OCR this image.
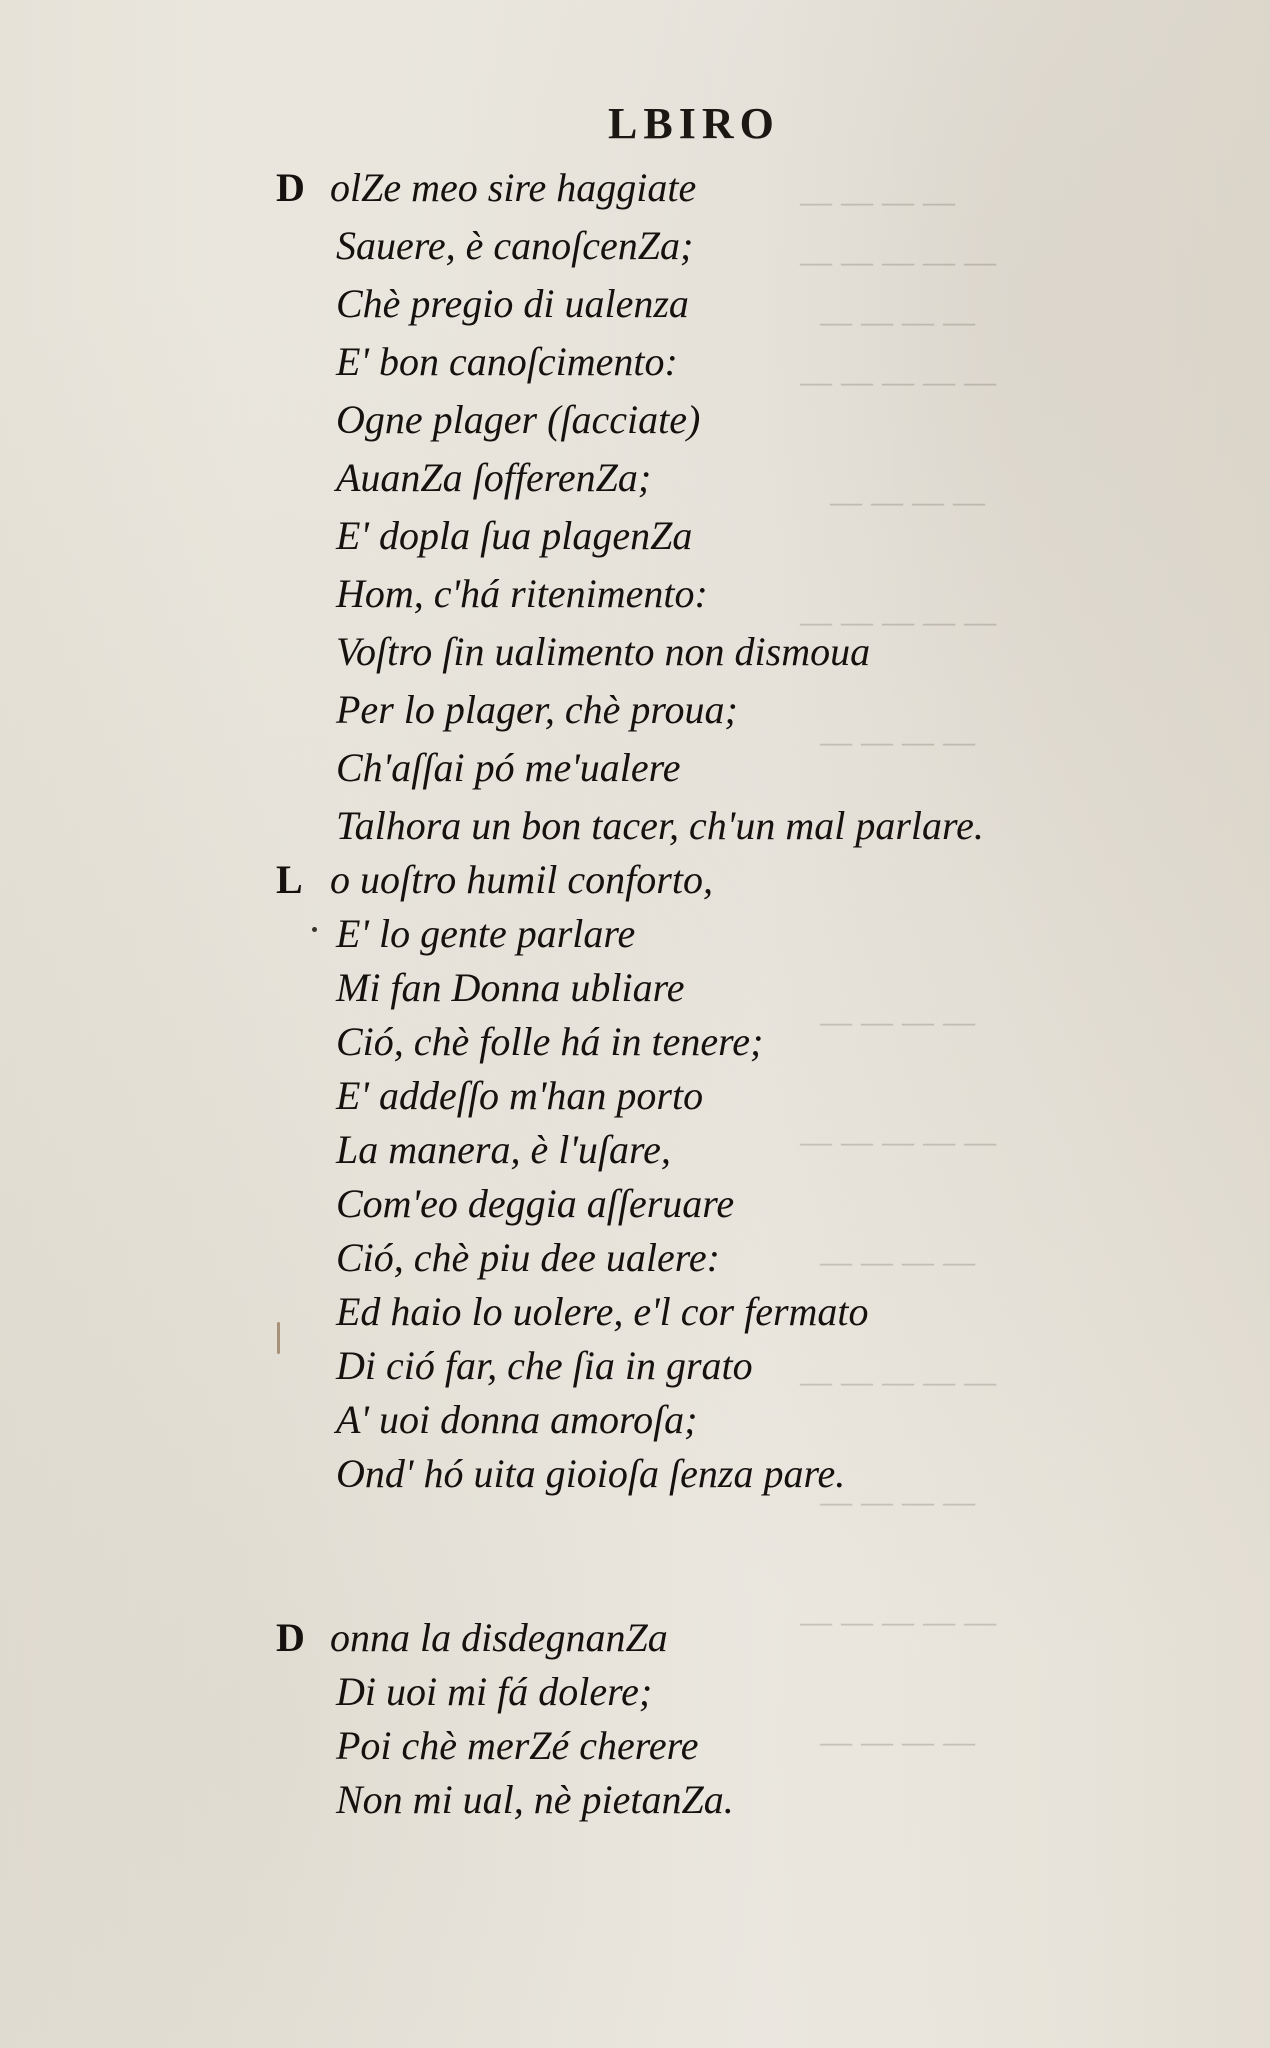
— — — —
— — — — —
— — — —
— — — — —
— — — —
— — — — —
— — — —
— — — —
— — — — —
— — — —
— — — — —
— — — —
— — — — —
— — — —
LBIRO
D olZe meo sire haggiate
Sauere, è canoſcenZa;
Chè pregio di ualenza
E' bon canoſcimento:
Ogne plager (ſacciate)
AuanZa ſofferenZa;
E' dopla ſua plagenZa
Hom, c'há ritenimento:
Voſtro ſin ualimento non dismoua
Per lo plager, chè proua;
Ch'aſſai pó me'ualere
Talhora un bon tacer, ch'un mal parlare.
L o uoſtro humil conforto,
E' lo gente parlare
Mi fan Donna ubliare
Ció, chè folle há in tenere;
E' addeſſo m'han porto
La manera, è l'uſare,
Com'eo deggia aſſeruare
Ció, chè piu dee ualere:
Ed haio lo uolere, e'l cor fermato
Di ció far, che ſia in grato
A' uoi donna amoroſa;
Ond' hó uita gioioſa ſenza pare.
D onna la disdegnanZa
Di uoi mi fá dolere;
Poi chè merZé cherere
Non mi ual, nè pietanZa.
